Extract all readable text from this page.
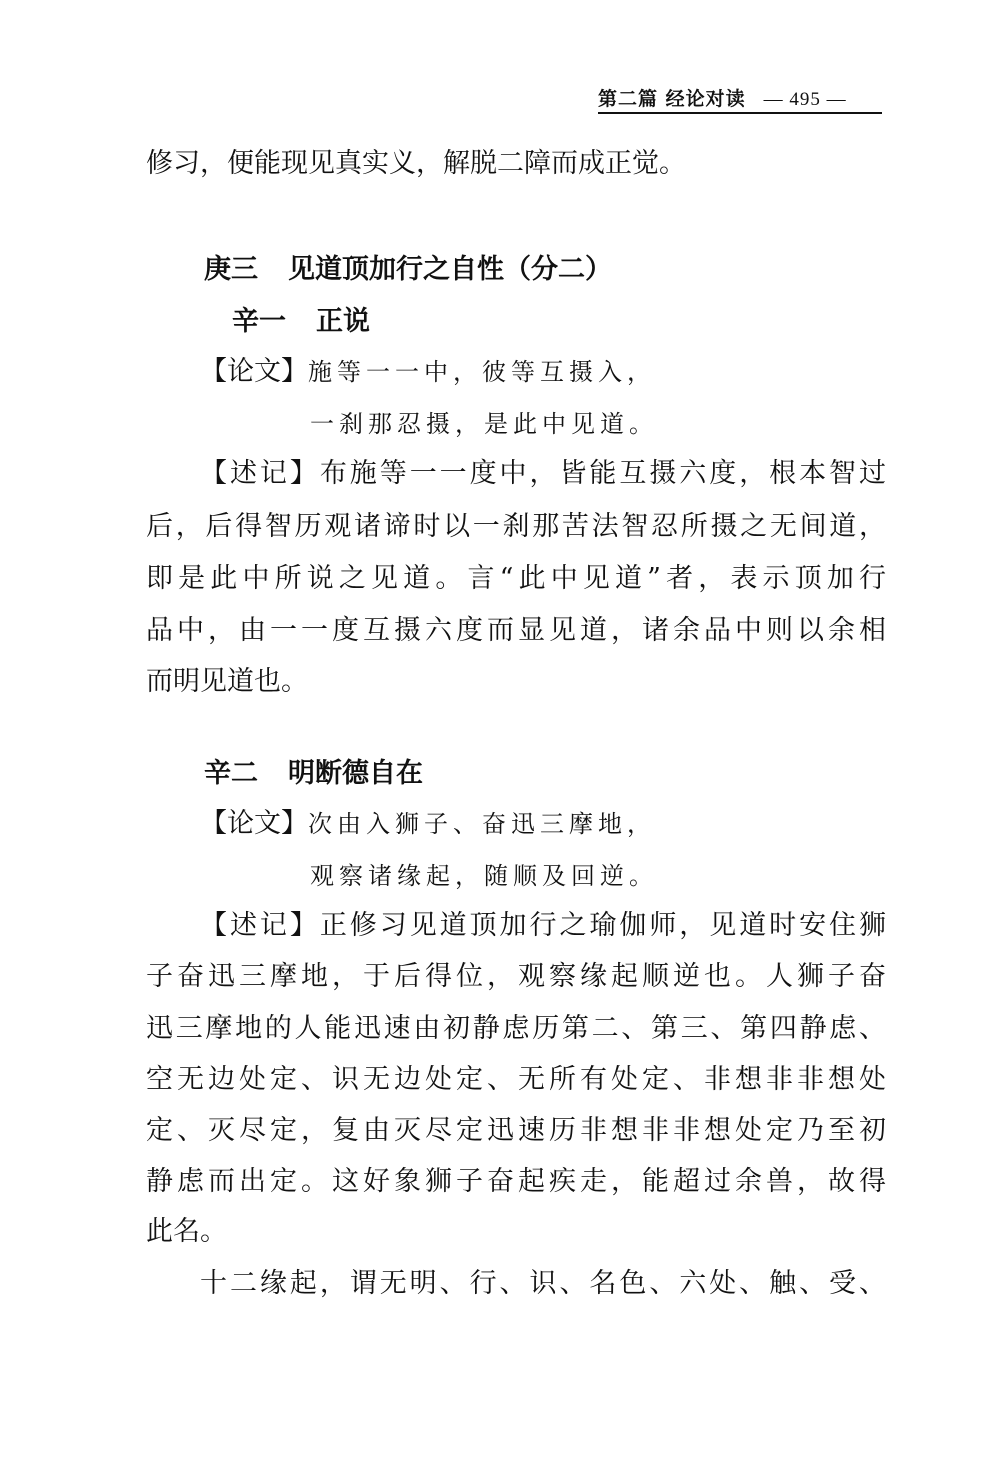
第二篇 经论对读 — 495 —
修习，便能现见真实义，解脱二障而成正觉。
庚三 见道顶加行之自性（分二）
辛一 正说
【论文】施等一一中，彼等互摄入，
一刹那忍摄，是此中见道。
【述记】布施等一一度中，皆能互摄六度，根本智过
后，后得智历观诸谛时以一刹那苦法智忍所摄之无间道，
即是此中所说之见道。言“此中见道”者，表示顶加行
品中，由一一度互摄六度而显见道，诸余品中则以余相
而明见道也。
辛二 明断德自在
【论文】次由入狮子、奋迅三摩地，
观察诸缘起，随顺及回逆。
【述记】正修习见道顶加行之瑜伽师，见道时安住狮
子奋迅三摩地，于后得位，观察缘起顺逆也。人狮子奋
迅三摩地的人能迅速由初静虑历第二、第三、第四静虑、
空无边处定、识无边处定、无所有处定、非想非非想处
定、灭尽定，复由灭尽定迅速历非想非非想处定乃至初
静虑而出定。这好象狮子奋起疾走，能超过余兽，故得
此名。
十二缘起，谓无明、行、识、名色、六处、触、受、
